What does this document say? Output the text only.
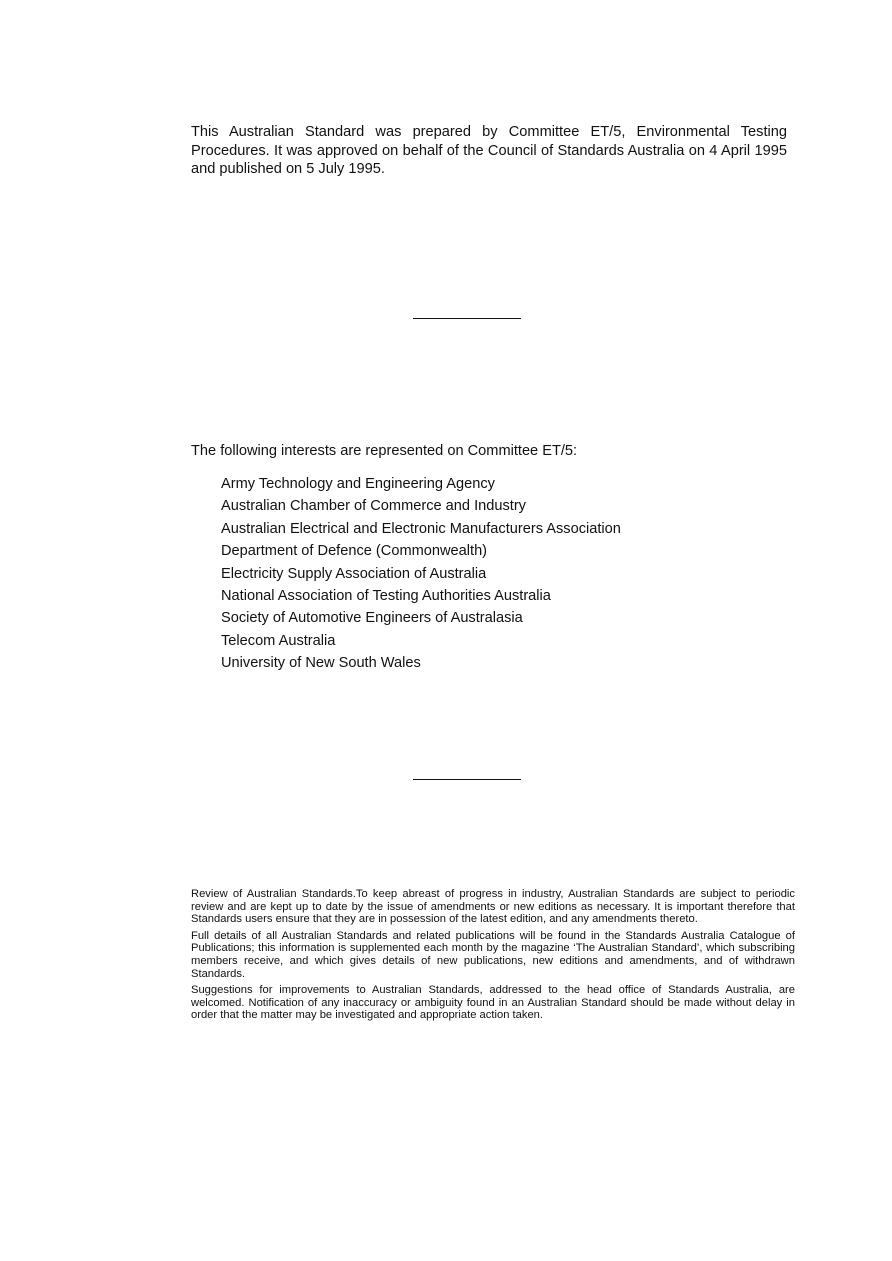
This Australian Standard was prepared by Committee ET/5, Environmental Testing Procedures. It was approved on behalf of the Council of Standards Australia on 4 April 1995 and published on 5 July 1995.

The following interests are represented on Committee ET/5:

Army Technology and Engineering Agency
Australian Chamber of Commerce and Industry
Australian Electrical and Electronic Manufacturers Association
Department of Defence (Commonwealth)
Electricity Supply Association of Australia
National Association of Testing Authorities Australia
Society of Automotive Engineers of Australasia
Telecom Australia
University of New South Wales

Review of Australian Standards.To keep abreast of progress in industry, Australian Standards are subject to periodic review and are kept up to date by the issue of amendments or new editions as necessary. It is important therefore that Standards users ensure that they are in possession of the latest edition, and any amendments thereto.

Full details of all Australian Standards and related publications will be found in the Standards Australia Catalogue of Publications; this information is supplemented each month by the magazine ‘The Australian Standard’, which subscribing members receive, and which gives details of new publications, new editions and amendments, and of withdrawn Standards.

Suggestions for improvements to Australian Standards, addressed to the head office of Standards Australia, are welcomed. Notification of any inaccuracy or ambiguity found in an Australian Standard should be made without delay in order that the matter may be investigated and appropriate action taken.
